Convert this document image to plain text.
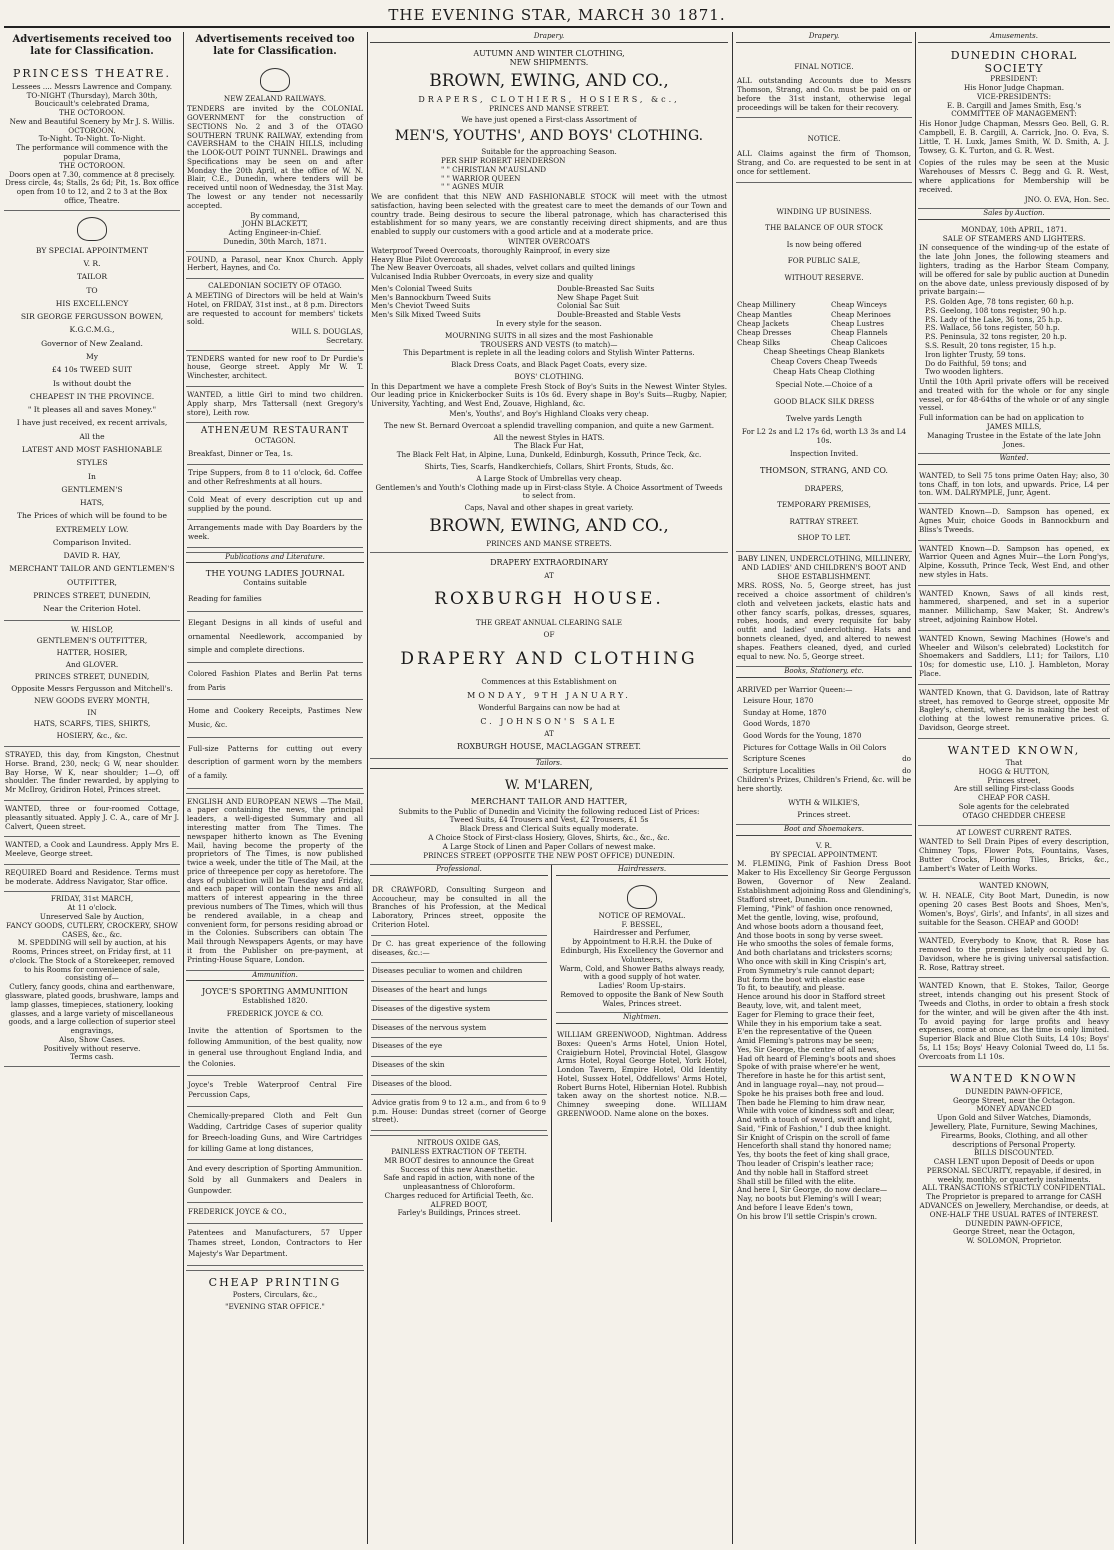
THE EVENING STAR, MARCH 30 1871.
Advertisements received too late for Classification.
PRINCESS THEATRE.
Lessees .... Messrs Lawrence and Company.
TO-NIGHT (Thursday), March 30th,
Boucicault's celebrated Drama,
THE OCTOROON.
New and Beautiful Scenery by Mr J. S. Willis.
OCTOROON.
To-Night. To-Night. To-Night.
The performance will commence with the popular Drama,
THE OCTOROON.
Doors open at 7.30, commence at 8 precisely. Dress circle, 4s; Stalls, 2s 6d; Pit, 1s. Box office open from 10 to 12, and 2 to 3 at the Box office, Theatre.
BY SPECIAL APPOINTMENT
V. R.
TAILOR
TO
HIS EXCELLENCY
SIR GEORGE FERGUSSON BOWEN,
K.G.C.M.G.,
Governor of New Zealand.
My
£4 10s TWEED SUIT
Is without doubt the
CHEAPEST IN THE PROVINCE.
" It pleases all and saves Money."
I have just received, ex recent arrivals,
All the
LATEST AND MOST FASHIONABLE
STYLES
In
GENTLEMEN'S
HATS,
The Prices of which will be found to be
EXTREMELY LOW.
Comparison Invited.
DAVID R. HAY,
MERCHANT TAILOR AND GENTLEMEN'S OUTFITTER,
PRINCES STREET, DUNEDIN,
Near the Criterion Hotel.
W. HISLOP,
GENTLEMEN'S OUTFITTER,
HATTER, HOSIER,
And GLOVER.
PRINCES STREET, DUNEDIN,
Opposite Messrs Fergusson and Mitchell's.
NEW GOODS EVERY MONTH,
IN
HATS, SCARFS, TIES, SHIRTS,
HOSIERY, &c., &c.

STRAYED, this day, from Kingston, Chestnut Horse. Brand, 230, neck; G W, near shoulder. Bay Horse, W K, near shoulder; 1—O, off shoulder. The finder rewarded, by applying to Mr McIlroy, Gridiron Hotel, Princes street.

WANTED, three or four-roomed Cottage, pleasantly situated. Apply J. C. A., care of Mr J. Calvert, Queen street.

WANTED, a Cook and Laundress. Apply Mrs E. Meeleve, George street.

REQUIRED Board and Residence. Terms must be moderate. Address Navigator, Star office.

FRIDAY, 31st MARCH,
At 11 o'clock.
Unreserved Sale by Auction,
FANCY GOODS, CUTLERY, CROCKERY, SHOW CASES, &c., &c.
M. SPEDDING will sell by auction, at his Rooms, Princes street, on Friday first, at 11 o'clock. The Stock of a Storekeeper, removed to his Rooms for convenience of sale, consisting of—
Cutlery, fancy goods, china and earthenware, glassware, plated goods, brushware, lamps and lamp glasses, timepieces, stationery, looking glasses, and a large variety of miscellaneous goods, and a large collection of superior steel engravings,
Also, Show Cases.
Positively without reserve.
Terms cash.
Advertisements received too late for Classification.
NEW ZEALAND RAILWAYS.

TENDERS are invited by the COLONIAL GOVERNMENT for the construction of SECTIONS No. 2 and 3 of the OTAGO SOUTHERN TRUNK RAILWAY, extending from CAVERSHAM to the CHAIN HILLS, including the LOOK-OUT POINT TUNNEL. Drawings and Specifications may be seen on and after Monday the 20th April, at the office of W. N. Blair, C.E., Dunedin, where tenders will be received until noon of Wednesday, the 31st May. The lowest or any tender not necessarily accepted.

By command,
JOHN BLACKETT,
Acting Engineer-in-Chief.
Dunedin, 30th March, 1871.

FOUND, a Parasol, near Knox Church. Apply Herbert, Haynes, and Co.

CALEDONIAN SOCIETY OF OTAGO.

A MEETING of Directors will be held at Wain's Hotel, on FRIDAY, 31st inst., at 8 p.m. Directors are requested to account for members' tickets sold.

WILL S. DOUGLAS,
Secretary.

TENDERS wanted for new roof to Dr Purdie's house, George street. Apply Mr W. T. Winchester, architect.

WANTED, a little Girl to mind two children. Apply sharp, Mrs Tattersall (next Gregory's store), Leith row.

ATHENÆUM RESTAURANT
OCTAGON.

Breakfast, Dinner or Tea, 1s.

Tripe Suppers, from 8 to 11 o'clock, 6d. Coffee and other Refreshments at all hours.

Cold Meat of every description cut up and supplied by the pound.

Arrangements made with Day Boarders by the week.

Publications and Literature.
THE YOUNG LADIES JOURNAL
Contains suitable

Reading for families

Elegant Designs in all kinds of useful and ornamental Needlework, accompanied by simple and complete directions.

Colored Fashion Plates and Berlin Pat terns from Paris

Home and Cookery Receipts, Pastimes New Music, &c.

Full-size Patterns for cutting out every description of garment worn by the members of a family.

ENGLISH AND EUROPEAN NEWS —The Mail, a paper containing the news, the principal leaders, a well-digested Summary and all interesting matter from The Times. The newspaper hitherto known as The Evening Mail, having become the property of the proprietors of The Times, is now published twice a week, under the title of The Mail, at the price of threepence per copy as heretofore. The days of publication will be Tuesday and Friday, and each paper will contain the news and all matters of interest appearing in the three previous numbers of The Times, which will thus be rendered available, in a cheap and convenient form, for persons residing abroad or in the Colonies. Subscribers can obtain The Mail through Newspapers Agents, or may have it from the Publisher on pre-payment, at Printing-House Square, London.

Ammunition.
JOYCE'S SPORTING AMMUNITION
Established 1820.
FREDERICK JOYCE & CO.

Invite the attention of Sportsmen to the following Ammunition, of the best quality, now in general use throughout England India, and the Colonies.

Joyce's Treble Waterproof Central Fire Percussion Caps,

Chemically-prepared Cloth and Felt Gun Wadding, Cartridge Cases of superior quality for Breech-loading Guns, and Wire Cartridges for killing Game at long distances,

And every description of Sporting Ammunition. Sold by all Gunmakers and Dealers in Gunpowder.

FREDERICK JOYCE & CO.,

Patentees and Manufacturers, 57 Upper Thames street, London, Contractors to Her Majesty's War Department.

CHEAP PRINTING
Posters, Circulars, &c.,
"EVENING STAR OFFICE."
Drapery.
AUTUMN AND WINTER CLOTHING,
NEW SHIPMENTS.
BROWN, EWING, AND CO.,
DRAPERS, CLOTHIERS, HOSIERS, &c.,
PRINCES AND MANSE STREET.
We have just opened a First-class Assortment of
MEN'S, YOUTHS', AND BOYS' CLOTHING.
Suitable for the approaching Season.
PER SHIP ROBERT HENDERSON
" " CHRISTIAN M'AUSLAND
" " WARRIOR QUEEN
" " AGNES MUIR

We are confident that this NEW AND FASHIONABLE STOCK will meet with the utmost satisfaction, having been selected with the greatest care to meet the demands of our Town and country trade. Being desirous to secure the liberal patronage, which has characterised this establishment for so many years, we are constantly receiving direct shipments, and are thus enabled to supply our customers with a good article and at a moderate price.

WINTER OVERCOATS
Waterproof Tweed Overcoats, thoroughly Rainproof, in every size
Heavy Blue Pilot Overcoats
The New Beaver Overcoats, all shades, velvet collars and quilted linings
Vulcanised India Rubber Overcoats, in every size and quality
Men's Colonial Tweed Suits
Men's Bannockburn Tweed Suits
Men's Cheviot Tweed Suits
Men's Silk Mixed Tweed Suits
Double-Breasted Sac Suits
New Shape Paget Suit
Colonial Sac Suit
Double-Breasted and Stable Vests
In every style for the season.
MOURNING SUITS in all sizes and the most Fashionable
TROUSERS AND VESTS (to match)—
This Department is replete in all the leading colors and Stylish Winter Patterns.
Black Dress Coats, and Black Paget Coats, every size.
BOYS' CLOTHING.

In this Department we have a complete Fresh Stock of Boy's Suits in the Newest Winter Styles. Our leading price in Knickerbocker Suits is 10s 6d. Every shape in Boy's Suits—Rugby, Napier, University, Yachting, and West End, Zouave, Highland, &c.

Men's, Youths', and Boy's Highland Cloaks very cheap.
The new St. Bernard Overcoat a splendid travelling companion, and quite a new Garment.
All the newest Styles in HATS.
The Black Fur Hat,
The Black Felt Hat, in Alpine, Luna, Dunkeld, Edinburgh, Kossuth, Prince Teck, &c.
Shirts, Ties, Scarfs, Handkerchiefs, Collars, Shirt Fronts, Studs, &c.
A Large Stock of Umbrellas very cheap.
Gentlemen's and Youth's Clothing made up in First-class Style. A Choice Assortment of Tweeds to select from.
Caps, Naval and other shapes in great variety.
BROWN, EWING, AND CO.,
PRINCES AND MANSE STREETS.
DRAPERY EXTRAORDINARY
AT
ROXBURGH HOUSE.
THE GREAT ANNUAL CLEARING SALE
OF
DRAPERY AND CLOTHING
Commences at this Establishment on
MONDAY, 9TH JANUARY.
Wonderful Bargains can now be had at
C. JOHNSON'S SALE
AT
ROXBURGH HOUSE, MACLAGGAN STREET.
Tailors.
W. M'LAREN,
MERCHANT TAILOR AND HATTER,
Submits to the Public of Dunedin and Vicinity the following reduced List of Prices:
Tweed Suits, £4 Trousers and Vest, £2 Trousers, £1 5s
Black Dress and Clerical Suits equally moderate.
A Choice Stock of First-class Hosiery, Gloves, Shirts, &c., &c., &c.
A Large Stock of Linen and Paper Collars of newest make.
PRINCES STREET (OPPOSITE THE NEW POST OFFICE) DUNEDIN.
Professional.

DR CRAWFORD, Consulting Surgeon and Accoucheur, may be consulted in all the Branches of his Profession, at the Medical Laboratory, Princes street, opposite the Criterion Hotel.

Dr C. has great experience of the following diseases, &c.:—

Diseases peculiar to women and children

Diseases of the heart and lungs

Diseases of the digestive system

Diseases of the nervous system

Diseases of the eye

Diseases of the skin

Diseases of the blood.

Advice gratis from 9 to 12 a.m., and from 6 to 9 p.m. House: Dundas street (corner of George street).

NITROUS OXIDE GAS,
PAINLESS EXTRACTION OF TEETH.
MR BOOT desires to announce the Great Success of this new Anæsthetic.
Safe and rapid in action, with none of the unpleasantness of Chloroform.
Charges reduced for Artificial Teeth, &c.
ALFRED BOOT,
Farley's Buildings, Princes street.
Hairdressers.
NOTICE OF REMOVAL.
F. BESSEL,
Hairdresser and Perfumer,
by Appointment to H.R.H. the Duke of Edinburgh, His Excellency the Governor and Volunteers,
Warm, Cold, and Shower Baths always ready, with a good supply of hot water.
Ladies' Room Up-stairs.
Removed to opposite the Bank of New South Wales, Princes street.
Nightmen.

WILLIAM GREENWOOD, Nightman. Address Boxes: Queen's Arms Hotel, Union Hotel, Craigieburn Hotel, Provincial Hotel, Glasgow Arms Hotel, Royal George Hotel, York Hotel, London Tavern, Empire Hotel, Old Identity Hotel, Sussex Hotel, Oddfellows' Arms Hotel, Robert Burns Hotel, Hibernian Hotel. Rubbish taken away on the shortest notice. N.B.—Chimney sweeping done. WILLIAM GREENWOOD. Name alone on the boxes.

Drapery.
FINAL NOTICE.

ALL outstanding Accounts due to Messrs Thomson, Strang, and Co. must be paid on or before the 31st instant, otherwise legal proceedings will be taken for their recovery.

NOTICE.

ALL Claims against the firm of Thomson, Strang, and Co. are requested to be sent in at once for settlement.

WINDING UP BUSINESS.
THE BALANCE OF OUR STOCK
Is now being offered
FOR PUBLIC SALE,
WITHOUT RESERVE.
Cheap Millinery
Cheap Mantles
Cheap Jackets
Cheap Dresses
Cheap Silks
Cheap Winceys
Cheap Merinoes
Cheap Lustres
Cheap Flannels
Cheap Calicoes
Cheap Sheetings Cheap Blankets
Cheap Covers Cheap Tweeds
Cheap Hats Cheap Clothing
Special Note.—Choice of a
GOOD BLACK SILK DRESS
Twelve yards Length
For L2 2s and L2 17s 6d, worth L3 3s and L4 10s.
Inspection Invited.
THOMSON, STRANG, AND CO.
DRAPERS,
TEMPORARY PREMISES,
RATTRAY STREET.
SHOP TO LET.
BABY LINEN, UNDERCLOTHING, MILLINERY, AND LADIES' AND CHILDREN'S BOOT AND SHOE ESTABLISHMENT.

MRS. ROSS, No. 5, George street, has just received a choice assortment of children's cloth and velveteen jackets, elastic hats and other fancy scarfs, polkas, dresses, squares, robes, hoods, and every requisite for baby outfit and ladies' underclothing. Hats and bonnets cleaned, dyed, and altered to newest shapes. Feathers cleaned, dyed, and curled equal to new. No. 5, George street.

Books, Stationery, etc.
ARRIVED per Warrior Queen:—
Leisure Hour, 1870
Sunday at Home, 1870
Good Words, 1870
Good Words for the Young, 1870
Pictures for Cottage Walls in Oil Colors
Scripture Scenes	do
Scripture Localities	do
Children's Prizes, Children's Friend, &c. will be here shortly.
WYTH & WILKIE'S,
Princes street.
Boot and Shoemakers.
V. R.
BY SPECIAL APPOINTMENT.

M. FLEMING, Pink of Fashion Dress Boot Maker to His Excellency Sir George Fergusson Bowen, Governor of New Zealand. Establishment adjoining Ross and Glendining's, Stafford street, Dunedin.

Fleming, "Pink" of fashion once renowned,
Met the gentle, loving, wise, profound,
And whose boots adorn a thousand feet,
And those boots in song by verse sweet.
He who smooths the soles of female forms,
And both charlatans and tricksters scorns;
Who once with skill in King Crispin's art,
From Symmetry's rule cannot depart;
But form the boot with elastic ease
To fit, to beautify, and please.
Hence around his door in Stafford street
Beauty, love, wit, and talent meet,
Eager for Fleming to grace their feet,
While they in his emporium take a seat.
E'en the representative of the Queen
Amid Fleming's patrons may be seen;
Yes, Sir George, the centre of all news,
Had oft heard of Fleming's boots and shoes
Spoke of with praise where'er he went,
Therefore in haste he for this artist sent,
And in language royal—nay, not proud—
Spoke he his praises both free and loud.
Then bade he Fleming to him draw near,
While with voice of kindness soft and clear,
And with a touch of sword, swift and light,
Said, "Fink of Fashion," I dub thee knight.
Sir Knight of Crispin on the scroll of fame
Henceforth shall stand thy honored name;
Yes, thy boots the feet of king shall grace,
Thou leader of Crispin's leather race;
And thy noble hall in Stafford street
Shall still be filled with the elite.
And here I, Sir George, do now declare—
Nay, no boots but Fleming's will I wear;
And before I leave Eden's town,
On his brow I'll settle Crispin's crown.
Amusements.
DUNEDIN CHORAL SOCIETY
PRESIDENT:
His Honor Judge Chapman.
VICE-PRESIDENTS:
E. B. Cargill and James Smith, Esq.'s
COMMITTEE OF MANAGEMENT:

His Honor Judge Chapman, Messrs Geo. Bell, G. R. Campbell, E. B. Cargill, A. Carrick, Jno. O. Eva, S. Little, T. H. Luxk, James Smith, W. D. Smith, A. J. Towsey, G. K. Turton, and G. R. West.

Copies of the rules may be seen at the Music Warehouses of Messrs C. Begg and G. R. West, where applications for Membership will be received.

JNO. O. EVA, Hon. Sec.
Sales by Auction.
MONDAY, 10th APRIL, 1871.
SALE OF STEAMERS AND LIGHTERS.

IN consequence of the winding-up of the estate of the late John Jones, the following steamers and lighters, trading as the Harbor Steam Company, will be offered for sale by public auction at Dunedin on the above date, unless previously disposed of by private bargain:—

P.S. Golden Age, 78 tons register, 60 h.p.
P.S. Geelong, 108 tons register, 90 h.p.
P.S. Lady of the Lake, 36 tons, 25 h.p.
P.S. Wallace, 56 tons register, 50 h.p.
P.S. Peninsula, 32 tons register, 20 h.p.
S.S. Result, 20 tons register, 15 h.p.
Iron lighter Trusty, 59 tons.
Do do Faithful, 59 tons; and
Two wooden lighters.

Until the 10th April private offers will be received and treated with for the whole or for any single vessel, or for 48-64ths of the whole or of any single vessel.

Full information can be had on application to
JAMES MILLS,
Managing Trustee in the Estate of the late John Jones.
Wanted.

WANTED, to Sell 75 tons prime Oaten Hay; also, 30 tons Chaff, in ton lots, and upwards. Price, L4 per ton. WM. DALRYMPLE, Junr, Agent.

WANTED Known—D. Sampson has opened, ex Agnes Muir, choice Goods in Bannockburn and Bliss's Tweeds.

WANTED Known—D. Sampson has opened, ex Warrior Queen and Agnes Muir—the Lorn Pong'ys, Alpine, Kossuth, Prince Teck, West End, and other new styles in Hats.

WANTED Known, Saws of all kinds rest, hammered, sharpened, and set in a superior manner. Millichamp, Saw Maker, St. Andrew's street, adjoining Rainbow Hotel.

WANTED Known, Sewing Machines (Howe's and Wheeler and Wilson's celebrated) Lockstitch for Shoemakers and Saddlers, L11; for Tailors, L10 10s; for domestic use, L10. J. Hambleton, Moray Place.

WANTED Known, that G. Davidson, late of Rattray street, has removed to George street, opposite Mr Bagley's, chemist, where he is making the best of clothing at the lowest remunerative prices. G. Davidson, George street.

WANTED KNOWN,
That
HOGG & HUTTON,
Princes street,
Are still selling First-class Goods
CHEAP FOR CASH.
Sole agents for the celebrated
OTAGO CHEDDER CHEESE
AT LOWEST CURRENT RATES.

WANTED to Sell Drain Pipes of every description, Chimney Tops, Flower Pots, Fountains, Vases, Butter Crocks, Flooring Tiles, Bricks, &c., Lambert's Water of Leith Works.

WANTED KNOWN,

W. H. NEALE, City Boot Mart, Dunedin, is now opening 20 cases Best Boots and Shoes, Men's, Women's, Boys', Girls', and Infants', in all sizes and suitable for the Season. CHEAP and GOOD!

WANTED, Everybody to Know, that R. Rose has removed to the premises lately occupied by G. Davidson, where he is giving universal satisfaction. R. Rose, Rattray street.

WANTED Known, that E. Stokes, Tailor, George street, intends changing out his present Stock of Tweeds and Cloths, in order to obtain a fresh stock for the winter, and will be given after the 4th inst. To avoid paying for large profits and heavy expenses, come at once, as the time is only limited. Superior Black and Blue Cloth Suits, L4 10s; Boys' 5s, L1 15s; Boys' Heavy Colonial Tweed do, L1 5s. Overcoats from L1 10s.

WANTED KNOWN
DUNEDIN PAWN-OFFICE,
George Street, near the Octagon.
MONEY ADVANCED
Upon Gold and Silver Watches, Diamonds, Jewellery, Plate, Furniture, Sewing Machines, Firearms, Books, Clothing, and all other descriptions of Personal Property.
BILLS DISCOUNTED.
CASH LENT upon Deposit of Deeds or upon PERSONAL SECURITY, repayable, if desired, in weekly, monthly, or quarterly instalments.
ALL TRANSACTIONS STRICTLY CONFIDENTIAL.
The Proprietor is prepared to arrange for CASH ADVANCES on Jewellery, Merchandise, or deeds, at ONE-HALF THE USUAL RATES of INTEREST.
DUNEDIN PAWN-OFFICE,
George Street, near the Octagon,
W. SOLOMON, Proprietor.
